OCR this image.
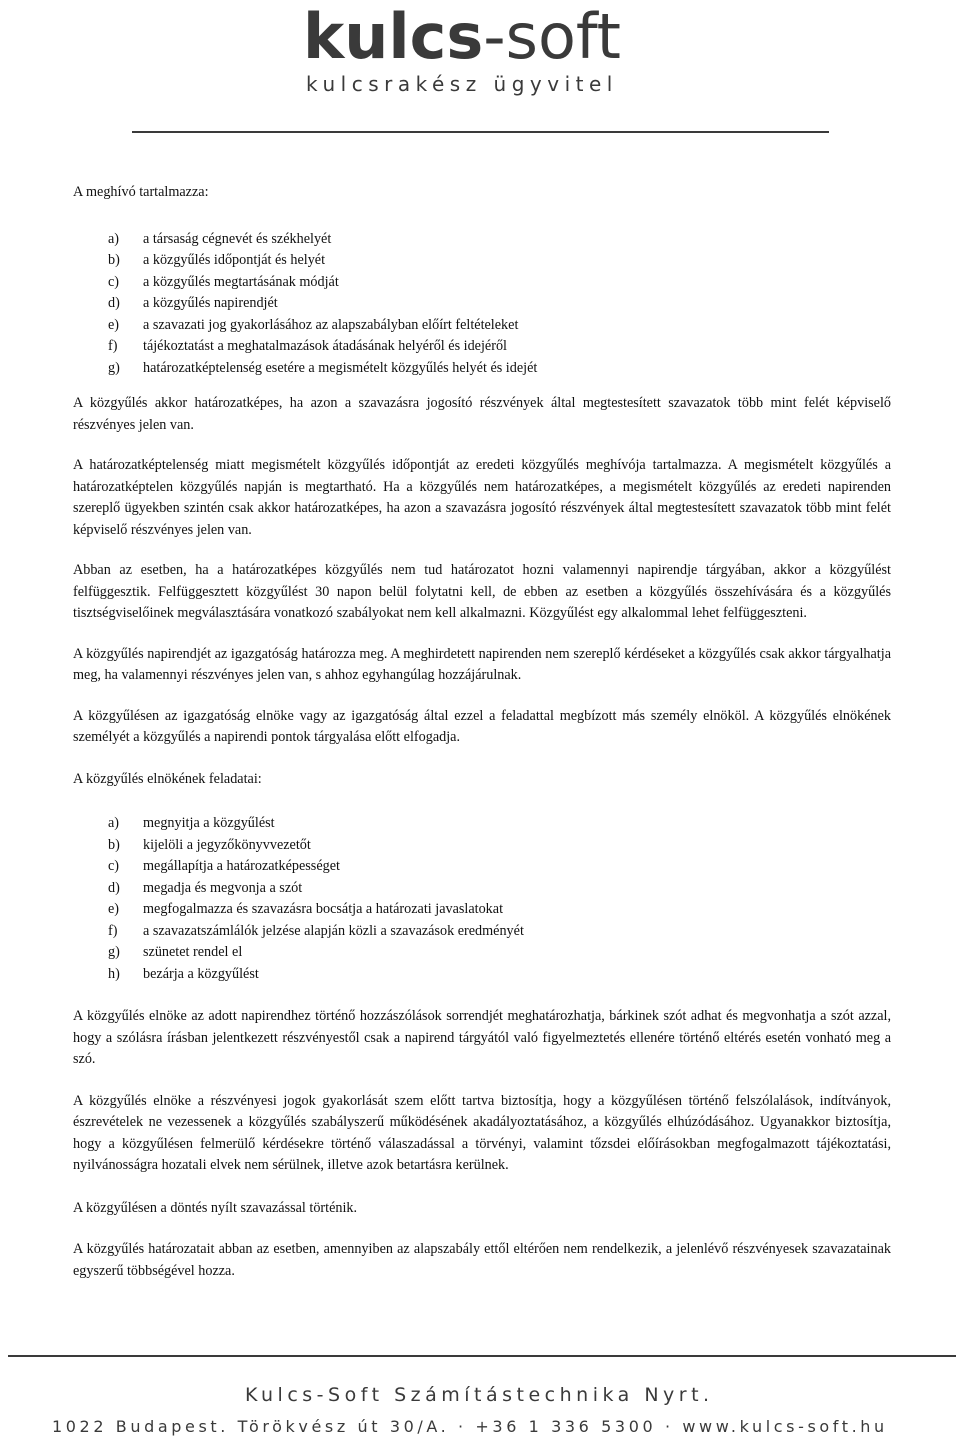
kulcs-soft
kulcsrakész ügyvitel

A meghívó tartalmazza:

a) a társaság cégnevét és székhelyét
b) a közgyűlés időpontját és helyét
c) a közgyűlés megtartásának módját
d) a közgyűlés napirendjét
e) a szavazati jog gyakorlásához az alapszabályban előírt feltételeket
f) tájékoztatást a meghatalmazások átadásának helyéről és idejéről
g) határozatképtelenség esetére a megismételt közgyűlés helyét és idejét

A közgyűlés akkor határozatképes, ha azon a szavazásra jogosító részvények által megtestesített szavazatok több mint felét képviselő részvényes jelen van.

A határozatképtelenség miatt megismételt közgyűlés időpontját az eredeti közgyűlés meghívója tartalmazza. A megismételt közgyűlés a határozatképtelen közgyűlés napján is megtartható. Ha a közgyűlés nem határozatképes, a megismételt közgyűlés az eredeti napirenden szereplő ügyekben szintén csak akkor határozatképes, ha azon a szavazásra jogosító részvények által megtestesített szavazatok több mint felét képviselő részvényes jelen van.

Abban az esetben, ha a határozatképes közgyűlés nem tud határozatot hozni valamennyi napirendje tárgyában, akkor a közgyűlést felfüggesztik. Felfüggesztett közgyűlést 30 napon belül folytatni kell, de ebben az esetben a közgyűlés összehívására és a közgyűlés tisztségviselőinek megválasztására vonatkozó szabályokat nem kell alkalmazni. Közgyűlést egy alkalommal lehet felfüggeszteni.

A közgyűlés napirendjét az igazgatóság határozza meg. A meghirdetett napirenden nem szereplő kérdéseket a közgyűlés csak akkor tárgyalhatja meg, ha valamennyi részvényes jelen van, s ahhoz egyhangúlag hozzájárulnak.

A közgyűlésen az igazgatóság elnöke vagy az igazgatóság által ezzel a feladattal megbízott más személy elnököl. A közgyűlés elnökének személyét a közgyűlés a napirendi pontok tárgyalása előtt elfogadja.

A közgyűlés elnökének feladatai:

a) megnyitja a közgyűlést
b) kijelöli a jegyzőkönyvvezetőt
c) megállapítja a határozatképességet
d) megadja és megvonja a szót
e) megfogalmazza és szavazásra bocsátja a határozati javaslatokat
f) a szavazatszámlálók jelzése alapján közli a szavazások eredményét
g) szünetet rendel el
h) bezárja a közgyűlést

A közgyűlés elnöke az adott napirendhez történő hozzászólások sorrendjét meghatározhatja, bárkinek szót adhat és megvonhatja a szót azzal, hogy a szólásra írásban jelentkezett részvényestől csak a napirend tárgyától való figyelmeztetés ellenére történő eltérés esetén vonható meg a szó.

A közgyűlés elnöke a részvényesi jogok gyakorlását szem előtt tartva biztosítja, hogy a közgyűlésen történő felszólalások, indítványok, észrevételek ne vezessenek a közgyűlés szabályszerű működésének akadályoztatásához, a közgyűlés elhúzódásához. Ugyanakkor biztosítja, hogy a közgyűlésen felmerülő kérdésekre történő válaszadással a törvényi, valamint tőzsdei előírásokban megfogalmazott tájékoztatási, nyilvánosságra hozatali elvek nem sérülnek, illetve azok betartásra kerülnek.

A közgyűlésen a döntés nyílt szavazással történik.

A közgyűlés határozatait abban az esetben, amennyiben az alapszabály ettől eltérően nem rendelkezik, a jelenlévő részvényesek szavazatainak egyszerű többségével hozza.

Kulcs-Soft Számítástechnika Nyrt.
1022 Budapest. Törökvész út 30/A. · +36 1 336 5300 · www.kulcs-soft.hu
